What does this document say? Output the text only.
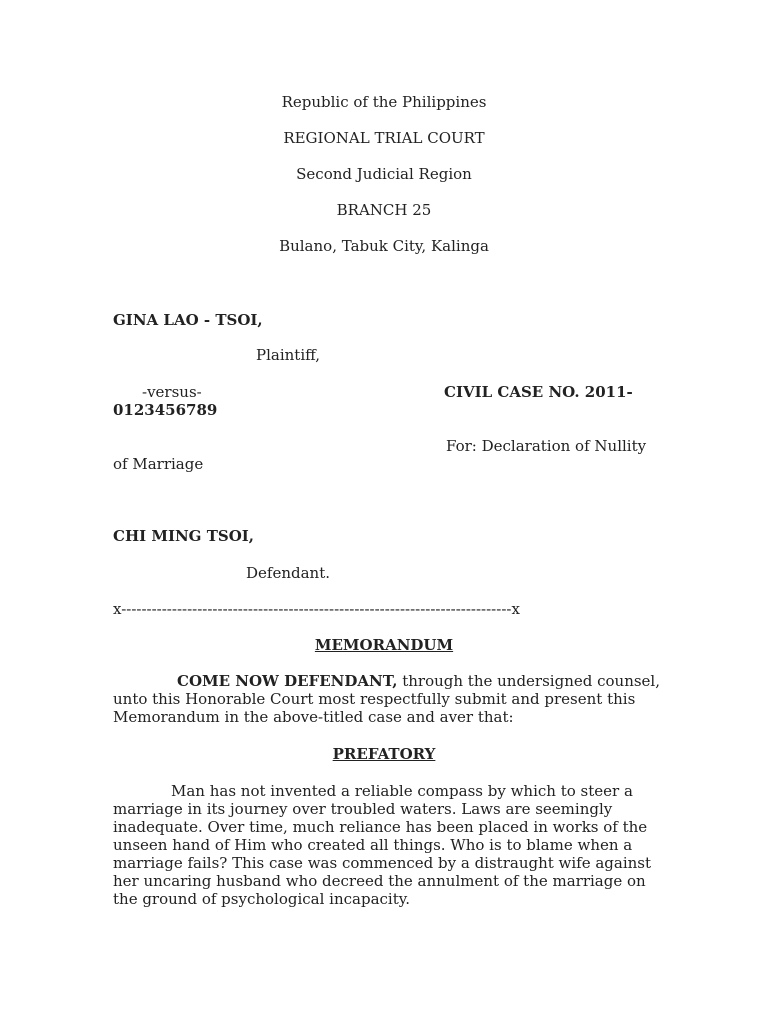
Republic of the Philippines

REGIONAL TRIAL COURT

Second Judicial Region

BRANCH 25

Bulano, Tabuk City, Kalinga

GINA LAO - TSOI,

Plaintiff,

-versus-	CIVIL CASE NO. 2011-

0123456789

For: Declaration of Nullity

of Marriage

CHI MING TSOI,

Defendant.

x-----------------------------------------------------------------------------x

MEMORANDUM

COME NOW DEFENDANT, through the undersigned counsel, unto this Honorable Court most respectfully submit and present this Memorandum in the above-titled case and aver that:

PREFATORY

Man has not invented a reliable compass by which to steer a marriage in its journey over troubled waters. Laws are seemingly inadequate. Over time, much reliance has been placed in works of the unseen hand of Him who created all things. Who is to blame when a marriage fails? This case was commenced by a distraught wife against her uncaring husband who decreed the annulment of the marriage on the ground of psychological incapacity.
